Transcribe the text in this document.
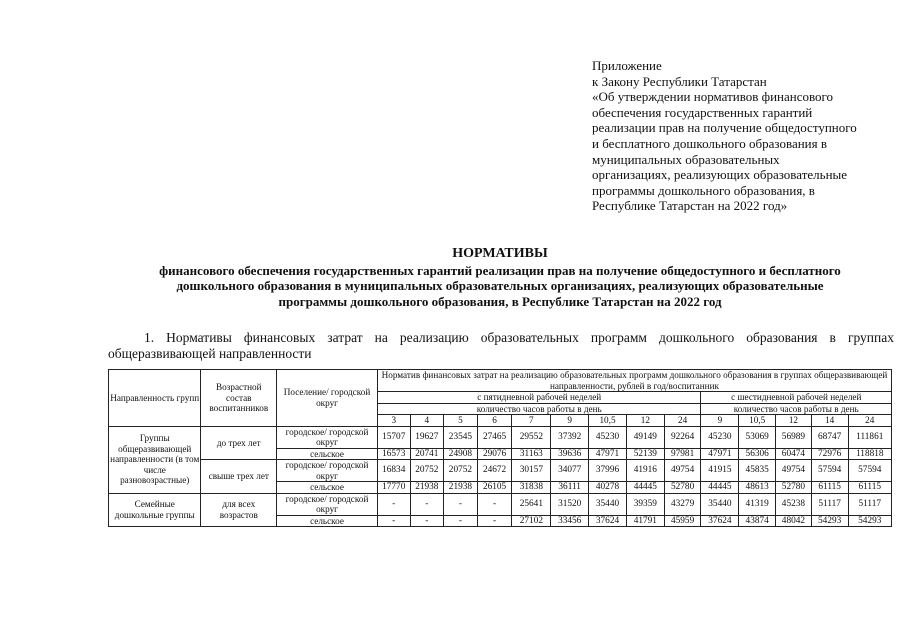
Приложение
к Закону Республики Татарстан
«Об утверждении нормативов финансового
обеспечения государственных гарантий
реализации прав на получение общедоступного
и бесплатного дошкольного образования в
муниципальных образовательных
организациях, реализующих образовательные
программы дошкольного образования, в
Республике Татарстан на 2022 год»
НОРМАТИВЫ
финансового обеспечения государственных гарантий реализации прав на получение общедоступного и бесплатного
дошкольного образования в муниципальных образовательных организациях, реализующих образовательные
программы дошкольного образования, в Республике Татарстан на 2022 год
1. Нормативы финансовых затрат на реализацию образовательных программ дошкольного образования в группах общеразвивающей направленности
Направленность групп	Возрастной состав воспитанников	Поселение/ городской округ	Норматив финансовых затрат на реализацию образовательных программ дошкольного образования в группах общеразвивающей направленности, рублей в год/воспитанник													
			с пятидневной рабочей неделей									с шестидневной рабочей неделей				
			количество часов работы в день									количество часов работы в день				
			3	4	5	6	7	9	10,5	12	24	9	10,5	12	14	24
Группы общеразвивающей направленности (в том числе разновозрастные)	до трех лет	городское/ городской округ	15707	19627	23545	27465	29552	37392	45230	49149	92264	45230	53069	56989	68747	111861
		сельское	16573	20741	24908	29076	31163	39636	47971	52139	97981	47971	56306	60474	72976	118818
	свыше трех лет	городское/ городской округ	16834	20752	20752	24672	30157	34077	37996	41916	49754	41915	45835	49754	57594	57594
		сельское	17770	21938	21938	26105	31838	36111	40278	44445	52780	44445	48613	52780	61115	61115
Семейные дошкольные группы	для всех возрастов	городское/ городской округ	-	-	-	-	25641	31520	35440	39359	43279	35440	41319	45238	51117	51117
		сельское	-	-	-	-	27102	33456	37624	41791	45959	37624	43874	48042	54293	54293
